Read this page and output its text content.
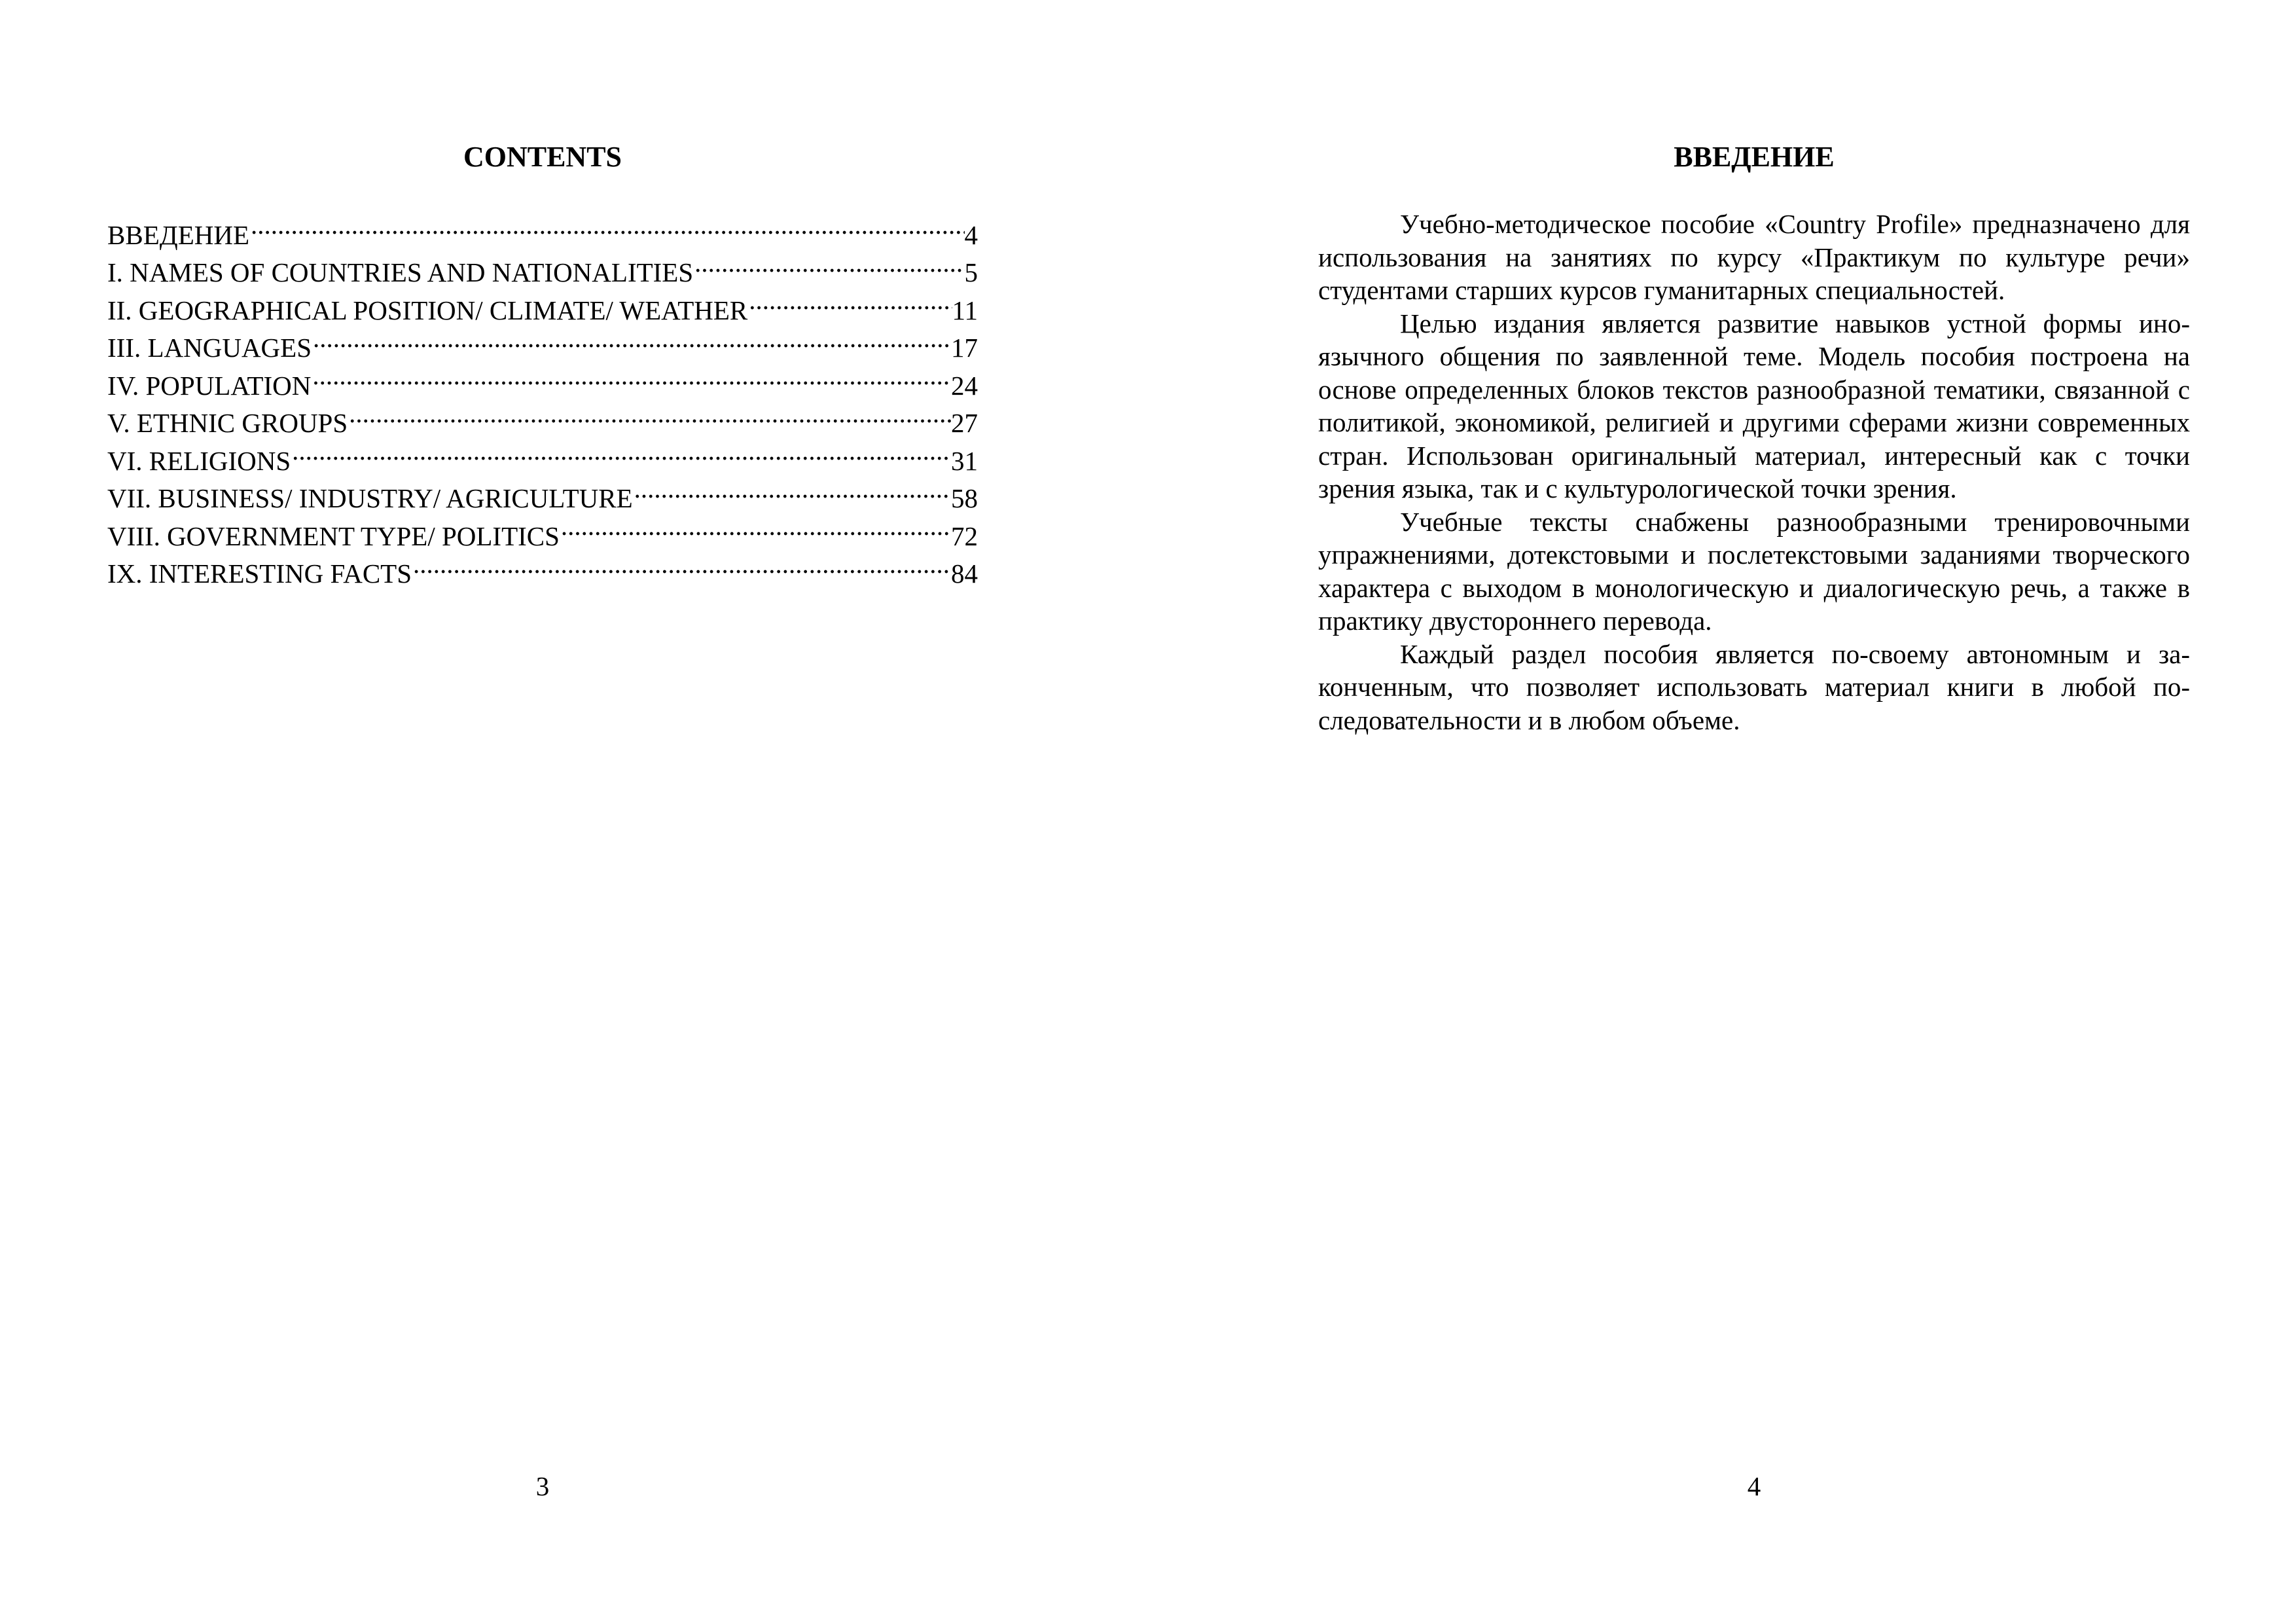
CONTENTS
ВВЕДЕНИЕ .....	4
I. NAMES OF COUNTRIES AND NATIONALITIES .....	5
II. GEOGRAPHICAL POSITION/ CLIMATE/ WEATHER .....	11
III. LANGUAGES .....	17
IV. POPULATION .....	24
V. ETHNIC GROUPS .....	27
VI. RELIGIONS .....	31
VII. BUSINESS/ INDUSTRY/ AGRICULTURE .....	58
VIII. GOVERNMENT TYPE/ POLITICS .....	72
IX. INTERESTING FACTS .....	84
3
ВВЕДЕНИЕ

Учебно-методическое пособие «Country Profile» предназначено для использования на занятиях по курсу «Практикум по культуре речи» студентами старших курсов гуманитарных специальностей.

Целью издания является развитие навыков устной формы иноязычного общения по заявленной теме. Модель пособия построена на основе определенных блоков текстов разнообразной тематики, связанной с политикой, экономикой, религией и другими сферами жизни современных стран. Использован оригинальный материал, интересный как с точки зрения языка, так и с культурологической точки зрения.

Учебные тексты снабжены разнообразными тренировочными упражнениями, дотекстовыми и послетекстовыми заданиями творческого характера с выходом в монологическую и диалогическую речь, а также в практику двустороннего перевода.

Каждый раздел пособия является по-своему автономным и законченным, что позволяет использовать материал книги в любой последовательности и в любом объеме.

4
